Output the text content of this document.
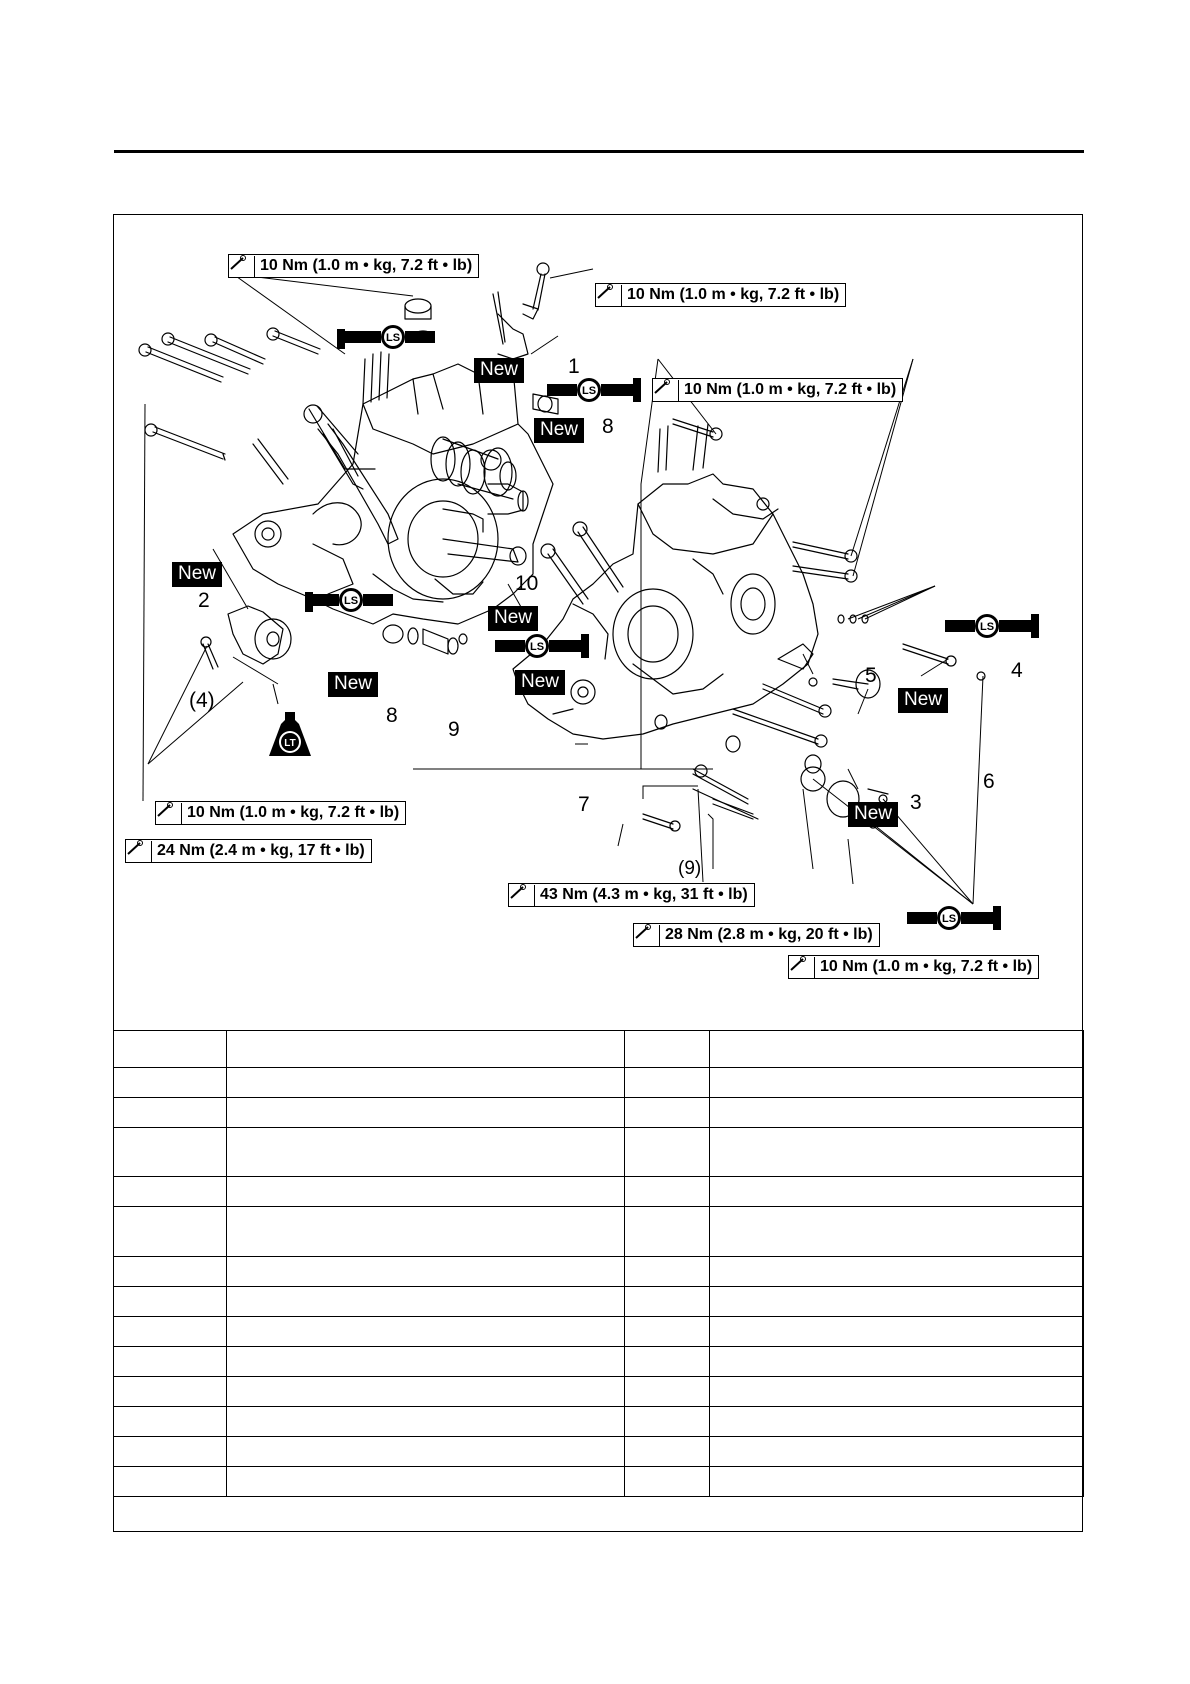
10 Nm (1.0 m • kg, 7.2 ft • lb)
10 Nm (1.0 m • kg, 7.2 ft • lb)
10 Nm (1.0 m • kg, 7.2 ft • lb)
10 Nm (1.0 m • kg, 7.2 ft • lb)
24 Nm (2.4 m • kg, 17 ft • lb)
43 Nm (4.3 m • kg, 31 ft • lb)
28 Nm (2.8 m • kg, 20 ft • lb)
10 Nm (1.0 m • kg, 7.2 ft • lb)
New
New
New
New
New	New
New
New
LS
LS
LS
LS
LS
LS
LT
1
2
3
4
5
6
7
8
8
9
10
(4)
(9)
